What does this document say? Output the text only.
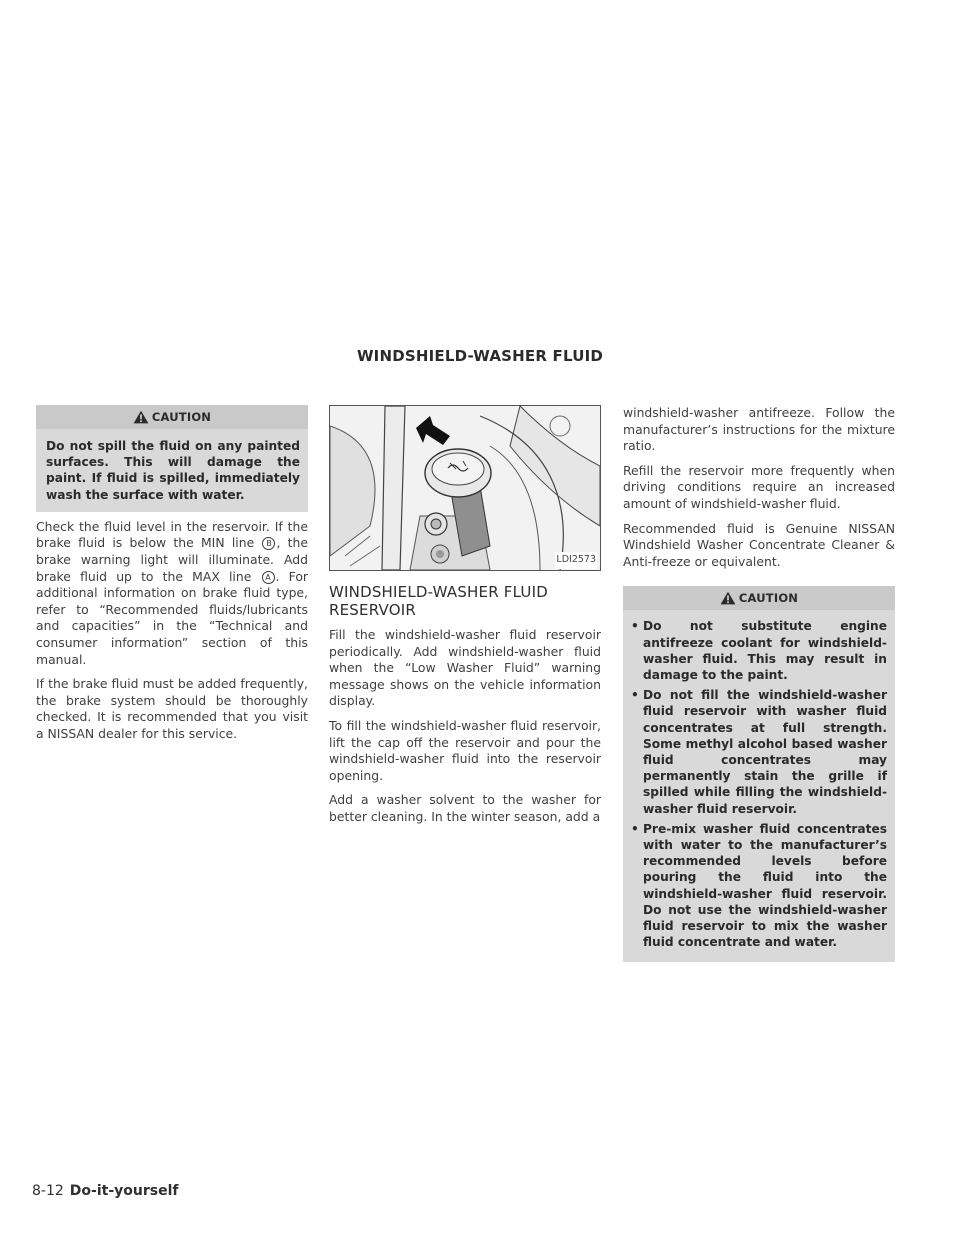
WINDSHIELD-WASHER FLUID
CAUTION
Do not spill the fluid on any painted surfaces. This will damage the paint. If fluid is spilled, immediately wash the surface with water.

Check the fluid level in the reservoir. If the brake fluid is below the MIN line B , the brake warning light will illuminate. Add brake fluid up to the MAX line A . For additional information on brake fluid type, refer to “Recommended fluids/lubricants and capacities” in the “Technical and consumer information” section of this manual.

If the brake fluid must be added frequently, the brake system should be thoroughly checked. It is recommended that you visit a NISSAN dealer for this service.

LDI2573
WINDSHIELD-WASHER FLUID RESERVOIR

Fill the windshield-washer fluid reservoir periodically. Add windshield-washer fluid when the “Low Washer Fluid” warning message shows on the vehicle information display.

To fill the windshield-washer fluid reservoir, lift the cap off the reservoir and pour the windshield-washer fluid into the reservoir opening.

Add a washer solvent to the washer for better cleaning. In the winter season, add a

windshield-washer antifreeze. Follow the manufacturer’s instructions for the mixture ratio.

Refill the reservoir more frequently when driving conditions require an increased amount of windshield-washer fluid.

Recommended fluid is Genuine NISSAN Windshield Washer Concentrate Cleaner & Anti-freeze or equivalent.

CAUTION
• Do not substitute engine antifreeze coolant for windshield-washer fluid. This may result in damage to the paint.
• Do not fill the windshield-washer fluid reservoir with washer fluid concentrates at full strength. Some methyl alcohol based washer fluid concentrates may permanently stain the grille if spilled while filling the windshield-washer fluid reservoir.
• Pre-mix washer fluid concentrates with water to the manufacturer’s recommended levels before pouring the fluid into the windshield-washer fluid reservoir. Do not use the windshield-washer fluid reservoir to mix the washer fluid concentrate and water.
8-12 Do-it-yourself
